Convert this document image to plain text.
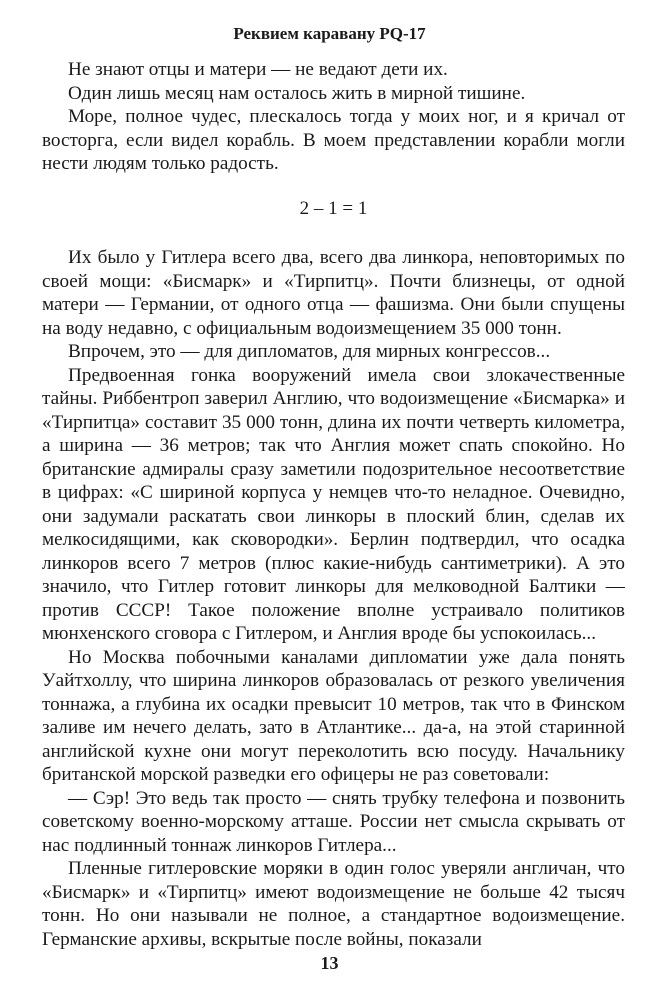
Реквием каравану PQ-17

Не знают отцы и матери — не ведают дети их.

Один лишь месяц нам осталось жить в мирной тишине.

Море, полное чудес, плескалось тогда у моих ног, и я кричал от восторга, если видел корабль. В моем представлении корабли могли нести людям только радость.

2 – 1 = 1

Их было у Гитлера всего два, всего два линкора, неповторимых по своей мощи: «Бисмарк» и «Тирпитц». Почти близнецы, от одной матери — Германии, от одного отца — фашизма. Они были спущены на воду недавно, с официальным водоизмещением 35 000 тонн.

Впрочем, это — для дипломатов, для мирных конгрессов...

Предвоенная гонка вооружений имела свои злокачественные тайны. Риббентроп заверил Англию, что водоизмещение «Бисмарка» и «Тирпитца» составит 35 000 тонн, длина их почти четверть километра, а ширина — 36 метров; так что Англия может спать спокойно. Но британские адмиралы сразу заметили подозрительное несоответствие в цифрах: «С шириной корпуса у немцев что-то неладное. Очевидно, они задумали раскатать свои линкоры в плоский блин, сделав их мелкосидящими, как сковородки». Берлин подтвердил, что осадка линкоров всего 7 метров (плюс какие-нибудь сантиметрики). А это значило, что Гитлер готовит линкоры для мелководной Балтики — против СССР! Такое положение вполне устраивало политиков мюнхенского сговора с Гитлером, и Англия вроде бы успокоилась...

Но Москва побочными каналами дипломатии уже дала понять Уайтхоллу, что ширина линкоров образовалась от резкого увеличения тоннажа, а глубина их осадки превысит 10 метров, так что в Финском заливе им нечего делать, зато в Атлантике... да-а, на этой старинной английской кухне они могут переколотить всю посуду. Начальнику британской морской разведки его офицеры не раз советовали:

— Сэр! Это ведь так просто — снять трубку телефона и позвонить советскому военно-морскому атташе. России нет смысла скрывать от нас подлинный тоннаж линкоров Гитлера...

Пленные гитлеровские моряки в один голос уверяли англичан, что «Бисмарк» и «Тирпитц» имеют водоизмещение не больше 42 тысяч тонн. Но они называли не полное, а стандартное водоизмещение. Германские архивы, вскрытые после войны, показали

13
